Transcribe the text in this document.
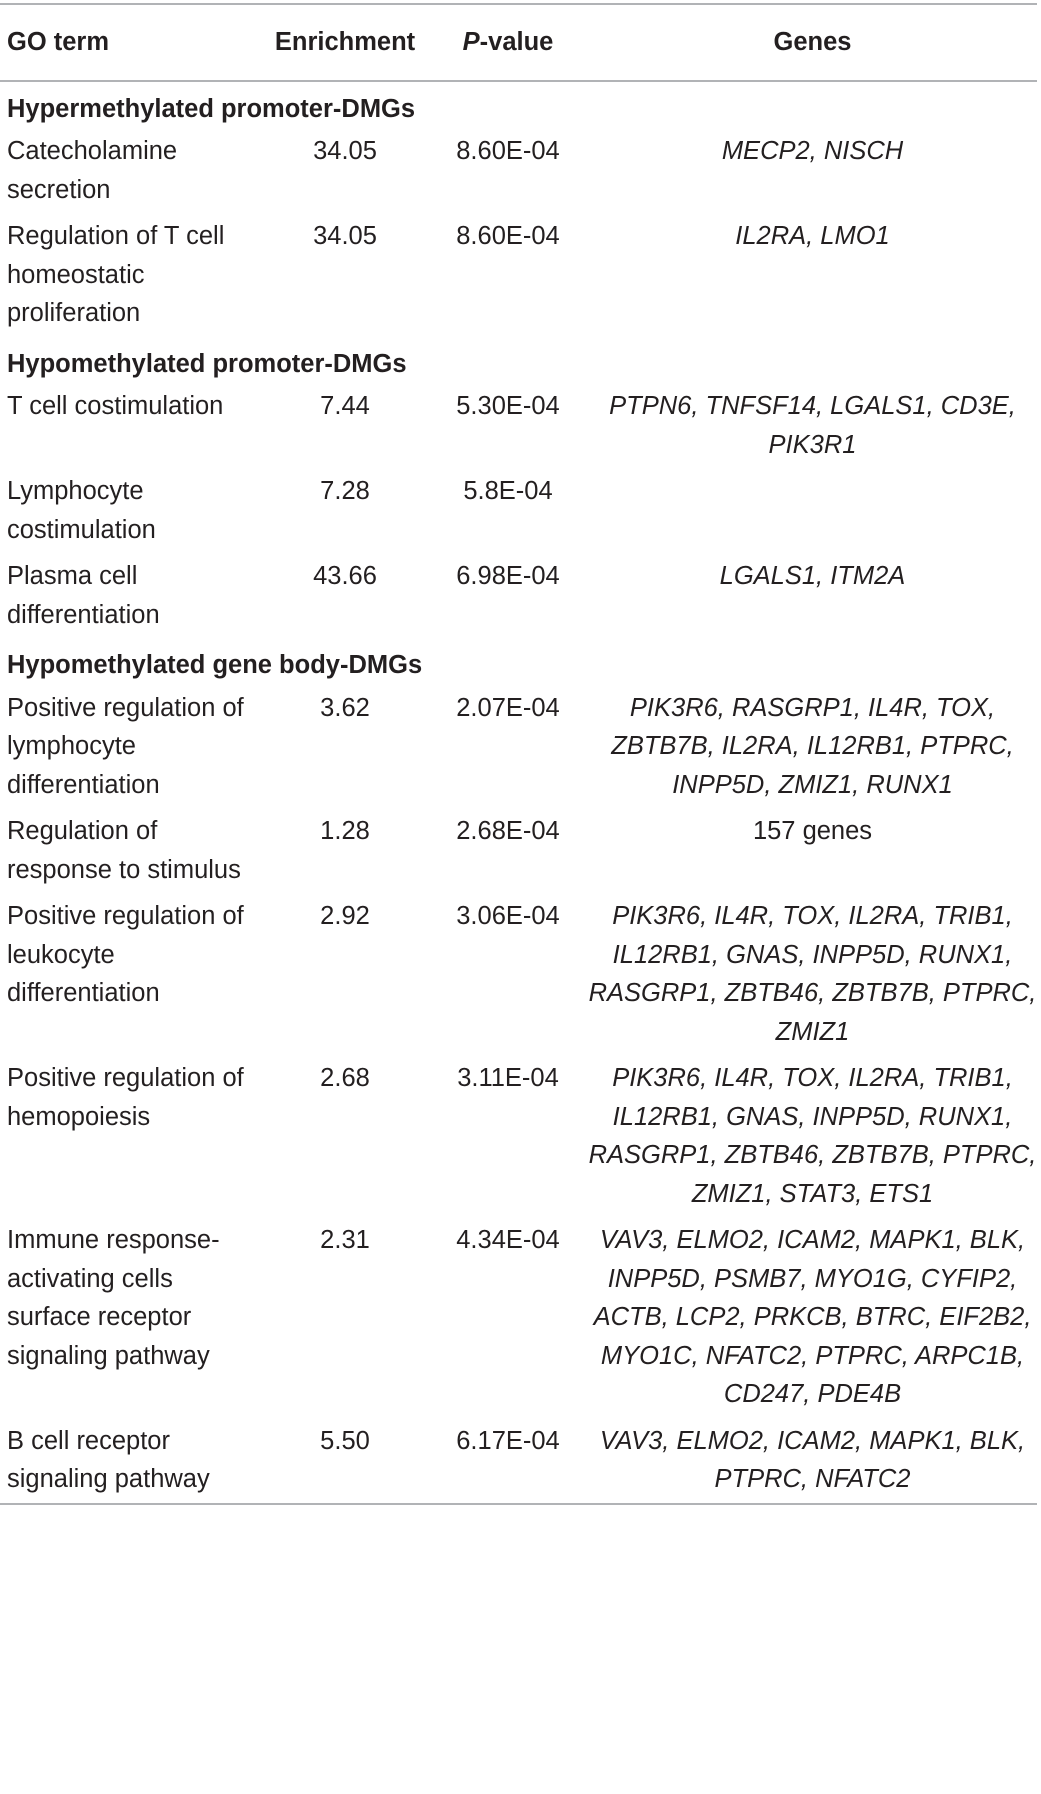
GO term	Enrichment	P-value	Genes
Hypermethylated promoter-DMGs			
Catecholamine secretion	34.05	8.60E-04	MECP2, NISCH
Regulation of T cell homeostatic proliferation	34.05	8.60E-04	IL2RA, LMO1
Hypomethylated promoter-DMGs			
T cell costimulation	7.44	5.30E-04	PTPN6, TNFSF14, LGALS1, CD3E, PIK3R1
Lymphocyte costimulation	7.28	5.8E-04	
Plasma cell differentiation	43.66	6.98E-04	LGALS1, ITM2A
Hypomethylated gene body-DMGs			
Positive regulation of lymphocyte differentiation	3.62	2.07E-04	PIK3R6, RASGRP1, IL4R, TOX, ZBTB7B, IL2RA, IL12RB1, PTPRC, INPP5D, ZMIZ1, RUNX1
Regulation of response to stimulus	1.28	2.68E-04	157 genes
Positive regulation of leukocyte differentiation	2.92	3.06E-04	PIK3R6, IL4R, TOX, IL2RA, TRIB1, IL12RB1, GNAS, INPP5D, RUNX1, RASGRP1, ZBTB46, ZBTB7B, PTPRC, ZMIZ1
Positive regulation of hemopoiesis	2.68	3.11E-04	PIK3R6, IL4R, TOX, IL2RA, TRIB1, IL12RB1, GNAS, INPP5D, RUNX1, RASGRP1, ZBTB46, ZBTB7B, PTPRC, ZMIZ1, STAT3, ETS1
Immune response-activating cells surface receptor signaling pathway	2.31	4.34E-04	VAV3, ELMO2, ICAM2, MAPK1, BLK, INPP5D, PSMB7, MYO1G, CYFIP2, ACTB, LCP2, PRKCB, BTRC, EIF2B2, MYO1C, NFATC2, PTPRC, ARPC1B, CD247, PDE4B
B cell receptor signaling pathway	5.50	6.17E-04	VAV3, ELMO2, ICAM2, MAPK1, BLK, PTPRC, NFATC2
